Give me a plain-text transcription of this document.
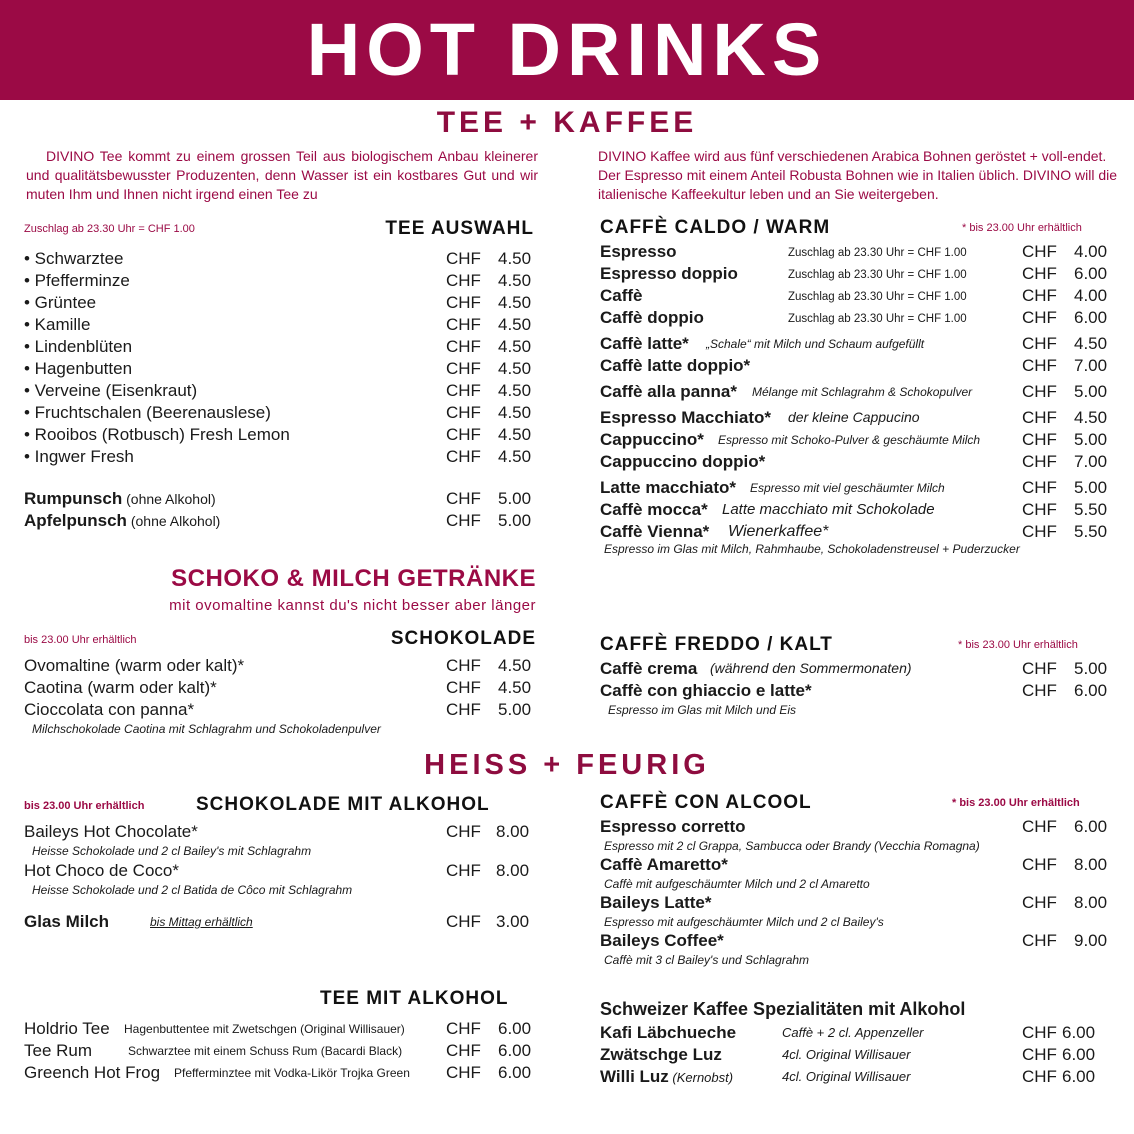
HOT DRINKS
TEE + KAFFEE
DIVINO Tee kommt zu einem grossen Teil aus biologischem Anbau kleinerer und qualitätsbewusster Produzenten, denn Wasser ist ein kostbares Gut und wir muten Ihm und Ihnen nicht irgend einen Tee zu
DIVINO Kaffee wird aus fünf verschiedenen Arabica Bohnen geröstet + voll-endet. Der Espresso mit einem Anteil Robusta Bohnen wie in Italien üblich. DIVINO will die italienische Kaffeekultur leben und an Sie weitergeben.
Zuschlag ab 23.30 Uhr = CHF 1.00	TEE AUSWAHL
• Schwarztee	CHF 4.50
• Pfefferminze	CHF 4.50
• Grüntee	CHF 4.50
• Kamille	CHF 4.50
• Lindenblüten	CHF 4.50
• Hagenbutten	CHF 4.50
• Verveine (Eisenkraut)	CHF 4.50
• Fruchtschalen (Beerenauslese)	CHF 4.50
• Rooibos (Rotbusch) Fresh Lemon	CHF 4.50
• Ingwer Fresh	CHF 4.50
Rumpunsch (ohne Alkohol)	CHF 5.00
Apfelpunsch (ohne Alkohol)	CHF 5.00
CAFFÈ CALDO / WARM	* bis 23.00 Uhr erhältlich
Espresso	Zuschlag ab 23.30 Uhr = CHF 1.00	CHF 4.00
Espresso doppio	Zuschlag ab 23.30 Uhr = CHF 1.00	CHF 6.00
Caffè	Zuschlag ab 23.30 Uhr = CHF 1.00	CHF 4.00
Caffè doppio	Zuschlag ab 23.30 Uhr = CHF 1.00	CHF 6.00
Caffè latte* „Schale“ mit Milch und Schaum aufgefüllt	CHF 4.50
Caffè latte doppio*	CHF 7.00
Caffè alla panna* Mélange mit Schlagrahm & Schokopulver	CHF 5.00
Espresso Macchiato* der kleine Cappucino	CHF 4.50
Cappuccino* Espresso mit Schoko-Pulver & geschäumte Milch CHF 5.00
Cappuccino doppio*	CHF 7.00
Latte macchiato* Espresso mit viel geschäumter Milch	CHF 5.00
Caffè mocca* Latte macchiato mit Schokolade	CHF 5.50
Caffè Vienna* Wienerkaffee*	CHF 5.50
Espresso im Glas mit Milch, Rahmhaube, Schokoladenstreusel + Puderzucker
SCHOKO & MILCH GETRÄNKE
mit ovomaltine kannst du's nicht besser aber länger
bis 23.00 Uhr erhältlich	SCHOKOLADE
Ovomaltine (warm oder kalt)*	CHF 4.50
Caotina (warm oder kalt)*	CHF 4.50
Cioccolata con panna*	CHF 5.00
Milchschokolade Caotina mit Schlagrahm und Schokoladenpulver
CAFFÈ FREDDO / KALT	* bis 23.00 Uhr erhältlich
Caffè crema (während den Sommermonaten)	CHF 5.00
Caffè con ghiaccio e latte*	CHF 6.00
Espresso im Glas mit Milch und Eis
HEISS + FEURIG
bis 23.00 Uhr erhältlich	SCHOKOLADE MIT ALKOHOL
Baileys Hot Chocolate*	CHF 8.00
Heisse Schokolade und 2 cl Bailey's mit Schlagrahm
Hot Choco de Coco*	CHF 8.00
Heisse Schokolade und 2 cl Batida de Côco mit Schlagrahm
Glas Milch	bis Mittag erhältlich	CHF 3.00
TEE MIT ALKOHOL
Holdrio Tee Hagenbuttentee mit Zwetschgen (Original Willisauer) CHF 6.00
Tee Rum	Schwarztee mit einem Schuss Rum (Bacardi Black)	CHF 6.00
Greench Hot Frog Pfefferminztee mit Vodka-Likör Trojka Green CHF 6.00
CAFFÈ CON ALCOOL	* bis 23.00 Uhr erhältlich
Espresso corretto	CHF 6.00
Espresso mit 2 cl Grappa, Sambucca oder Brandy (Vecchia Romagna)
Caffè Amaretto*	CHF 8.00
Caffè mit aufgeschäumter Milch und 2 cl Amaretto
Baileys Latte*	CHF 8.00
Espresso mit aufgeschäumter Milch und 2 cl Bailey's
Baileys Coffee*	CHF 9.00
Caffè mit 3 cl Bailey's und Schlagrahm
Schweizer Kaffee Spezialitäten mit Alkohol
Kafi Läbchueche	Caffè + 2 cl. Appenzeller	CHF 6.00
Zwätschge Luz	4cl. Original Willisauer	CHF 6.00
Willi Luz (Kernobst)	4cl. Original Willisauer	CHF 6.00
